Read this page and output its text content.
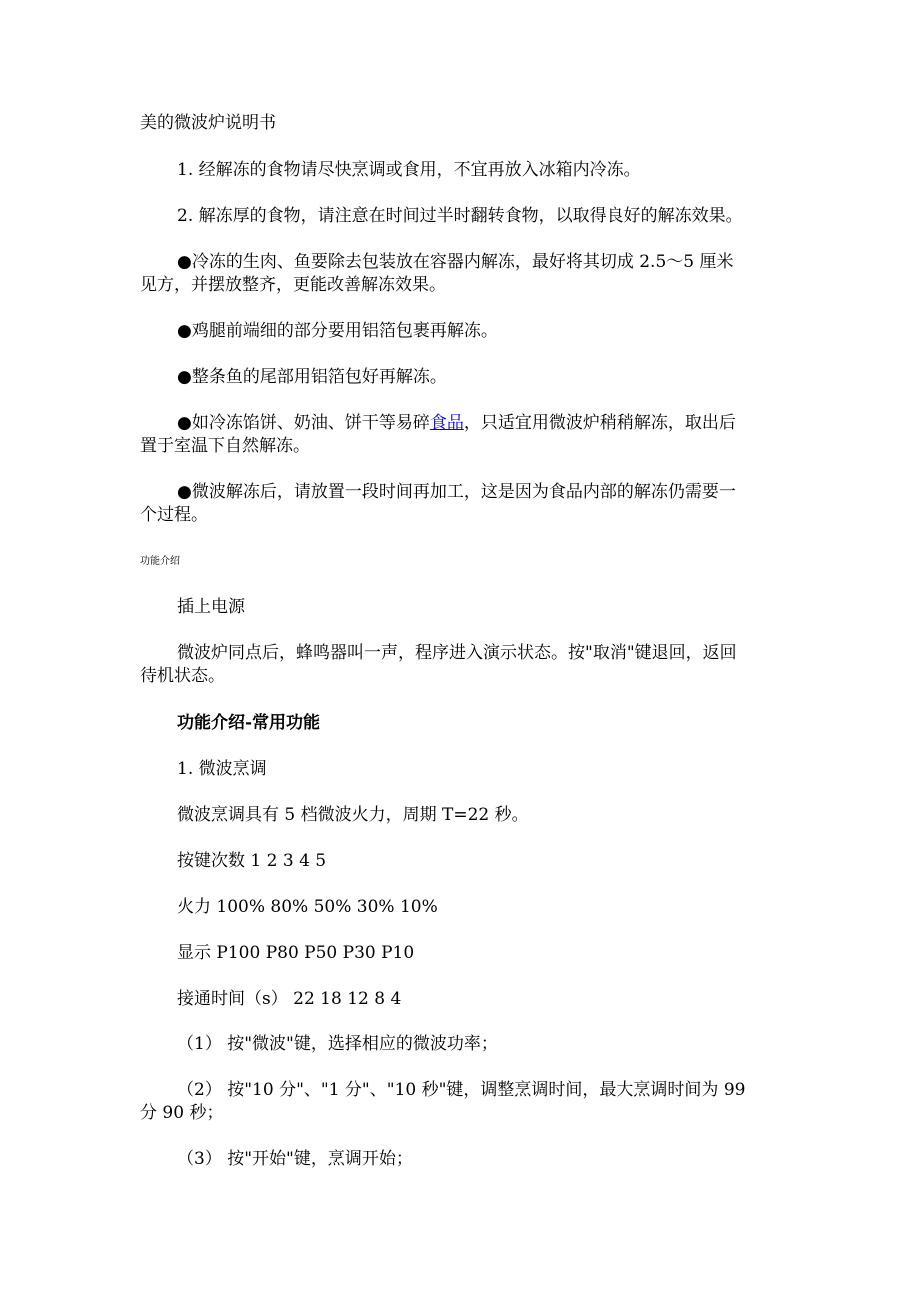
美的微波炉说明书

1. 经解冻的食物请尽快烹调或食用，不宜再放入冰箱内冷冻。

2. 解冻厚的食物，请注意在时间过半时翻转食物，以取得良好的解冻效果。

●冷冻的生肉、鱼要除去包装放在容器内解冻，最好将其切成 2.5～5 厘米

见方，并摆放整齐，更能改善解冻效果。

●鸡腿前端细的部分要用铝箔包裹再解冻。

●整条鱼的尾部用铝箔包好再解冻。

●如冷冻馅饼、奶油、饼干等易碎食品，只适宜用微波炉稍稍解冻，取出后

置于室温下自然解冻。

●微波解冻后，请放置一段时间再加工，这是因为食品内部的解冻仍需要一

个过程。

功能介绍

插上电源

微波炉同点后，蜂鸣器叫一声，程序进入演示状态。按"取消"键退回，返回

待机状态。

功能介绍-常用功能

1. 微波烹调

微波烹调具有 5 档微波火力，周期 T=22 秒。

按键次数 1 2 3 4 5

火力 100% 80% 50% 30% 10%

显示 P100 P80 P50 P30 P10

接通时间（s） 22 18 12 8 4

（1） 按"微波"键，选择相应的微波功率；

（2） 按"10 分"、"1 分"、"10 秒"键，调整烹调时间，最大烹调时间为 99

分 90 秒；

（3） 按"开始"键，烹调开始；
